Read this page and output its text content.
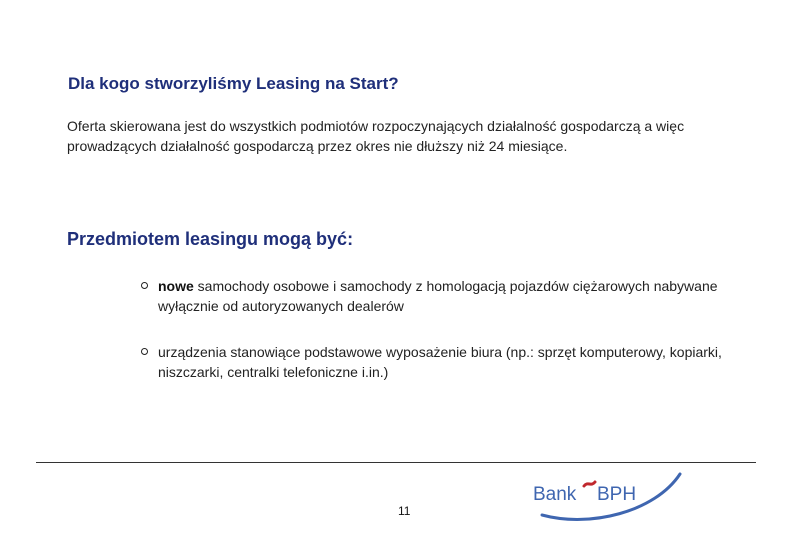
Dla kogo stworzyliśmy Leasing na Start?

Oferta skierowana jest do wszystkich podmiotów rozpoczynających działalność gospodarczą a więc prowadzących działalność gospodarczą przez okres nie dłuższy niż 24 miesiące.

Przedmiotem leasingu mogą być:
nowe samochody osobowe i samochody z homologacją pojazdów ciężarowych nabywane wyłącznie od autoryzowanych dealerów
urządzenia stanowiące podstawowe wyposażenie biura (np.: sprzęt komputerowy, kopiarki, niszczarki, centralki telefoniczne i.in.)
11
Bank BPH
